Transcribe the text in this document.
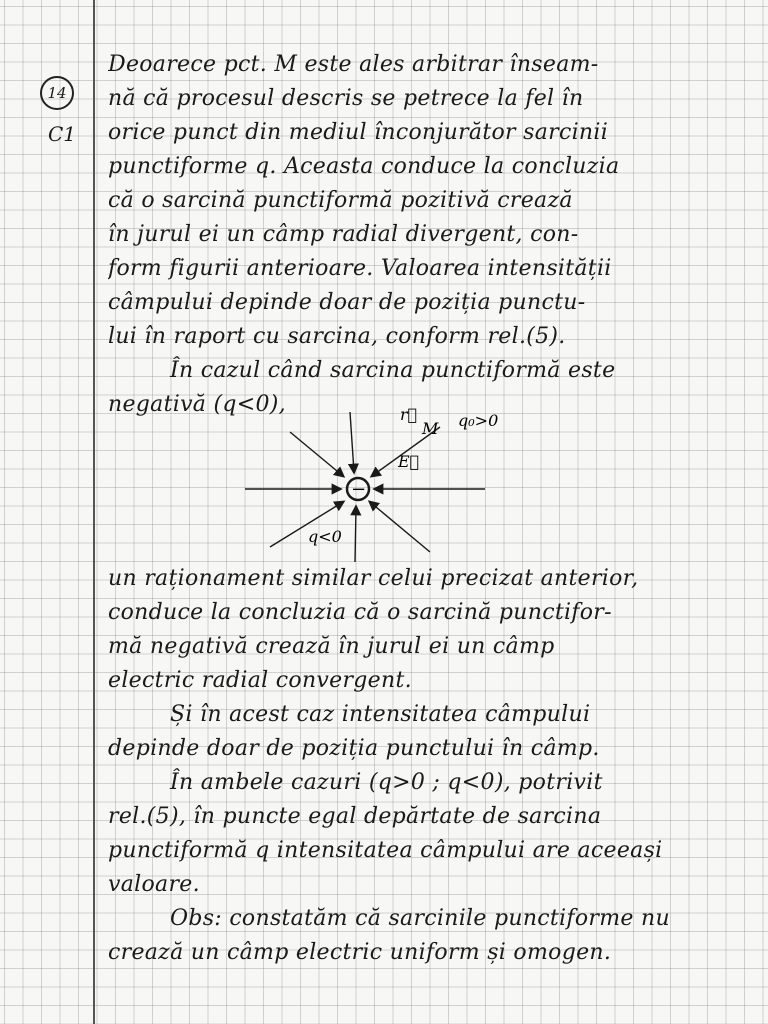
14
C1
Deoarece pct. M este ales arbitrar înseam-
nă că procesul descris se petrece la fel în
orice punct din mediul înconjurător sarcinii
punctiforme q. Aceasta conduce la concluzia
că o sarcină punctiformă pozitivă crează
în jurul ei un câmp radial divergent, con-
form figurii anterioare. Valoarea intensității
câmpului depinde doar de poziția punctu-
lui în raport cu sarcina, conform rel.(5).
În cazul când sarcina punctiformă este
negativă (q<0),
−
r⃗
M q₀>0
E⃗
q<0
un raționament similar celui precizat anterior,
conduce la concluzia că o sarcină punctifor-
mă negativă crează în jurul ei un câmp
electric radial convergent.
Și în acest caz intensitatea câmpului
depinde doar de poziția punctului în câmp.
În ambele cazuri (q>0 ; q<0), potrivit
rel.(5), în puncte egal depărtate de sarcina
punctiformă q intensitatea câmpului are aceeași
valoare.
Obs: constatăm că sarcinile punctiforme nu
crează un câmp electric uniform și omogen.
